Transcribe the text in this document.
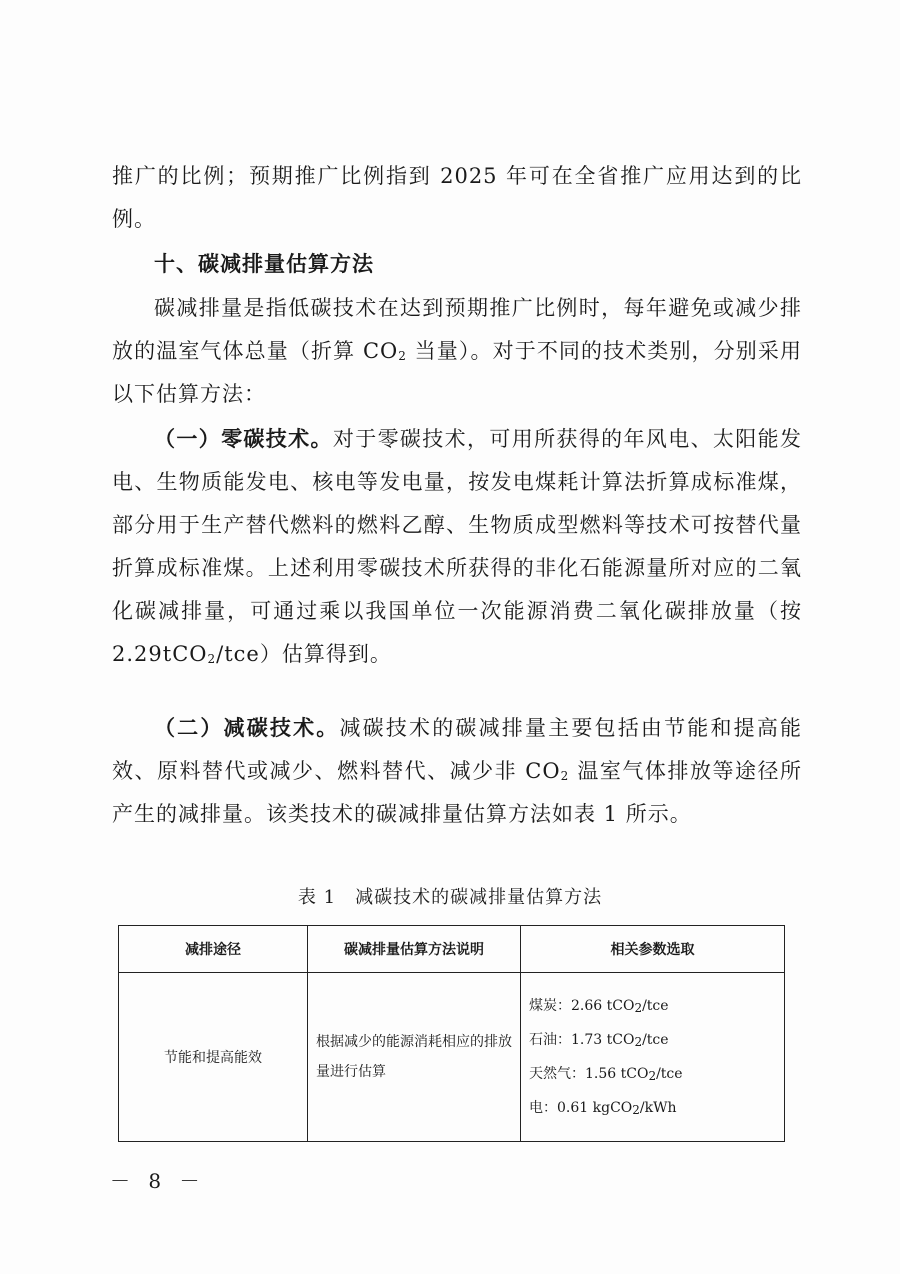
推广的比例；预期推广比例指到 2025 年可在全省推广应用达到的比例。

十、碳减排量估算方法

碳减排量是指低碳技术在达到预期推广比例时，每年避免或减少排放的温室气体总量（折算 $CO_2$ 当量）。对于不同的技术类别，分别采用以下估算方法：

（一）零碳技术。对于零碳技术，可用所获得的年风电、太阳能发电、生物质能发电、核电等发电量，按发电煤耗计算法折算成标准煤，部分用于生产替代燃料的燃料乙醇、生物质成型燃料等技术可按替代量折算成标准煤。上述利用零碳技术所获得的非化石能源量所对应的二氧化碳减排量，可通过乘以我国单位一次能源消费二氧化碳排放量（按 2.29tCO$_2$/tce）估算得到。

（二）减碳技术。减碳技术的碳减排量主要包括由节能和提高能效、原料替代或减少、燃料替代、减少非 $CO_2$ 温室气体排放等途径所产生的减排量。该类技术的碳减排量估算方法如表 1 所示。

表 1　减碳技术的碳减排量估算方法
减排途径	碳减排量估算方法说明	相关参数选取
节能和提高能效	根据减少的能源消耗相应的排放量进行估算	煤炭：2.66 tCO$_2$/tce
石油：1.73 tCO$_2$/tce
天然气：1.56 tCO$_2$/tce
电：0.61 kgCO$_2$/kWh
－ 8 －
